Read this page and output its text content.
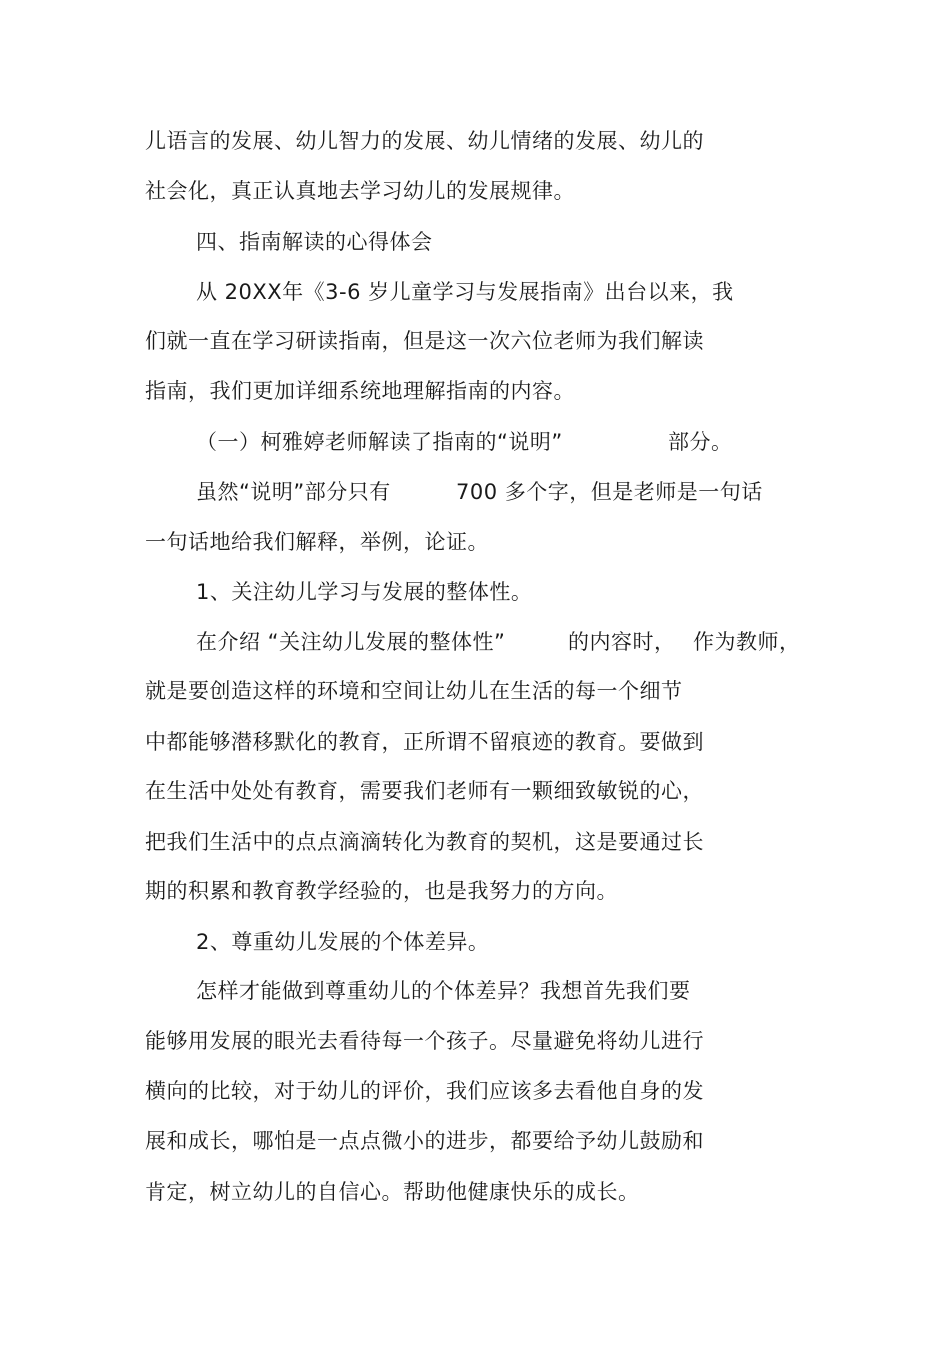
儿语言的发展、幼儿智力的发展、幼儿情绪的发展、幼儿的
社会化，真正认真地去学习幼儿的发展规律。
四、指南解读的心得体会
从 20XX年《3-6 岁儿童学习与发展指南》出台以来，我
们就一直在学习研读指南，但是这一次六位老师为我们解读
指南，我们更加详细系统地理解指南的内容。
（一）柯雅婷老师解读了指南的“说明”	部分。
虽然“说明”部分只有	700 多个字，但是老师是一句话
一句话地给我们解释，举例，论证。
1、关注幼儿学习与发展的整体性。
在介绍 “关注幼儿发展的整体性”	的内容时， 作为教师，
就是要创造这样的环境和空间让幼儿在生活的每一个细节
中都能够潜移默化的教育，正所谓不留痕迹的教育。要做到
在生活中处处有教育，需要我们老师有一颗细致敏锐的心，
把我们生活中的点点滴滴转化为教育的契机，这是要通过长
期的积累和教育教学经验的，也是我努力的方向。
2、尊重幼儿发展的个体差异。
怎样才能做到尊重幼儿的个体差异？我想首先我们要
能够用发展的眼光去看待每一个孩子。尽量避免将幼儿进行
横向的比较，对于幼儿的评价，我们应该多去看他自身的发
展和成长，哪怕是一点点微小的进步，都要给予幼儿鼓励和
肯定，树立幼儿的自信心。帮助他健康快乐的成长。
